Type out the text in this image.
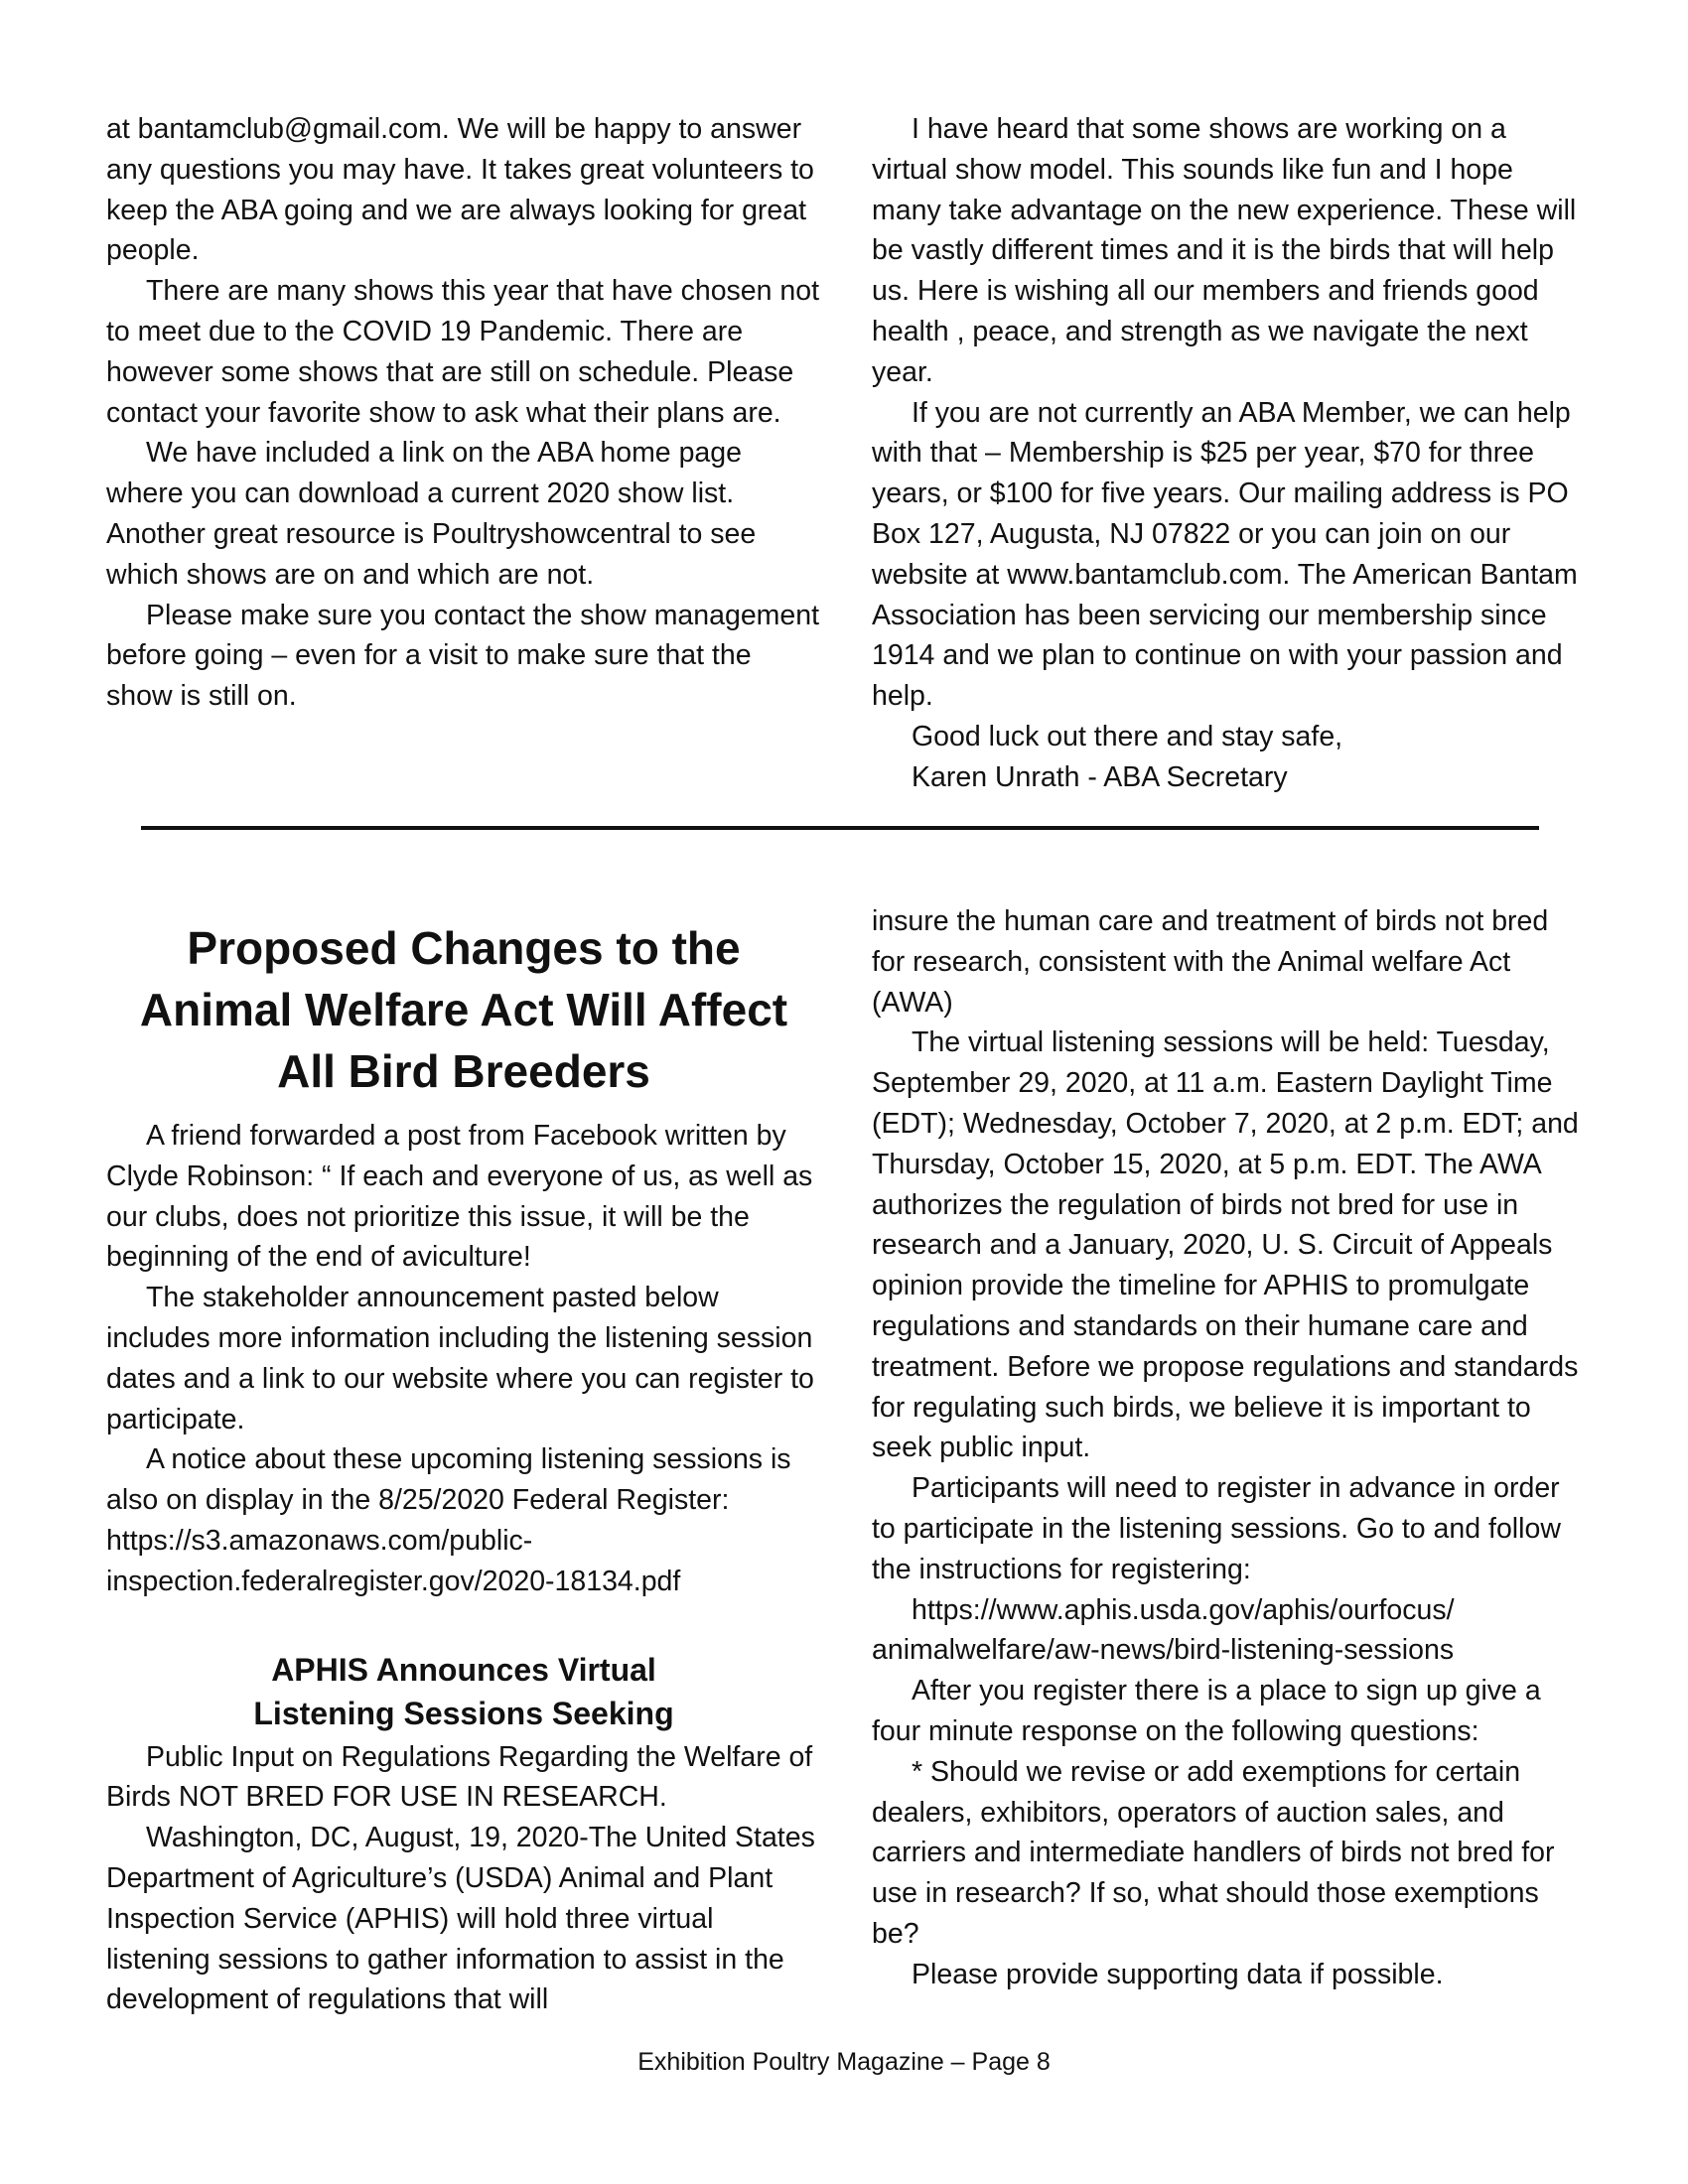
at bantamclub@gmail.com. We will be happy to answer any questions you may have. It takes great volunteers to keep the ABA going and we are always looking for great people.

There are many shows this year that have chosen not to meet due to the COVID 19 Pandemic. There are however some shows that are still on schedule. Please contact your favorite show to ask what their plans are.

We have included a link on the ABA home page where you can download a current 2020 show list. Another great resource is Poultryshowcentral to see which shows are on and which are not.

Please make sure you contact the show management before going – even for a visit to make sure that the show is still on.

I have heard that some shows are working on a virtual show model. This sounds like fun and I hope many take advantage on the new experience. These will be vastly different times and it is the birds that will help us. Here is wishing all our members and friends good health , peace, and strength as we navigate the next year.

If you are not currently an ABA Member, we can help with that – Membership is $25 per year, $70 for three years, or $100 for five years. Our mailing address is PO Box 127, Augusta, NJ 07822 or you can join on our website at www.bantamclub.com. The American Bantam Association has been servicing our membership since 1914 and we plan to continue on with your passion and help.

Good luck out there and stay safe,

Karen Unrath - ABA Secretary

Proposed Changes to the Animal Welfare Act Will Affect All Bird Breeders

A friend forwarded a post from Facebook written by Clyde Robinson: “ If each and everyone of us, as well as our clubs, does not prioritize this issue, it will be the beginning of the end of aviculture!

The stakeholder announcement pasted below includes more information including the listening session dates and a link to our website where you can register to participate.

A notice about these upcoming listening sessions is also on display in the 8/25/2020 Federal Register:

https://s3.amazonaws.com/public-

inspection.federalregister.gov/2020-18134.pdf

APHIS Announces Virtual
Listening Sessions Seeking

Public Input on Regulations Regarding the Welfare of Birds NOT BRED FOR USE IN RESEARCH.

Washington, DC, August, 19, 2020-The United States Department of Agriculture’s (USDA) Animal and Plant Inspection Service (APHIS) will hold three virtual listening sessions to gather information to assist in the development of regulations that will

insure the human care and treatment of birds not bred for research, consistent with the Animal welfare Act (AWA)

The virtual listening sessions will be held: Tuesday, September 29, 2020, at 11 a.m. Eastern Daylight Time (EDT); Wednesday, October 7, 2020, at 2 p.m. EDT; and Thursday, October 15, 2020, at 5 p.m. EDT. The AWA authorizes the regulation of birds not bred for use in research and a January, 2020, U. S. Circuit of Appeals opinion provide the timeline for APHIS to promulgate regulations and standards on their humane care and treatment. Before we propose regulations and standards for regulating such birds, we believe it is important to seek public input.

Participants will need to register in advance in order to participate in the listening sessions. Go to and follow the instructions for registering:

https://www.aphis.usda.gov/aphis/ourfocus/

animalwelfare/aw-news/bird-listening-sessions

After you register there is a place to sign up give a four minute response on the following questions:

* Should we revise or add exemptions for certain dealers, exhibitors, operators of auction sales, and carriers and intermediate handlers of birds not bred for use in research? If so, what should those exemptions be?

Please provide supporting data if possible.

Exhibition Poultry Magazine – Page 8
